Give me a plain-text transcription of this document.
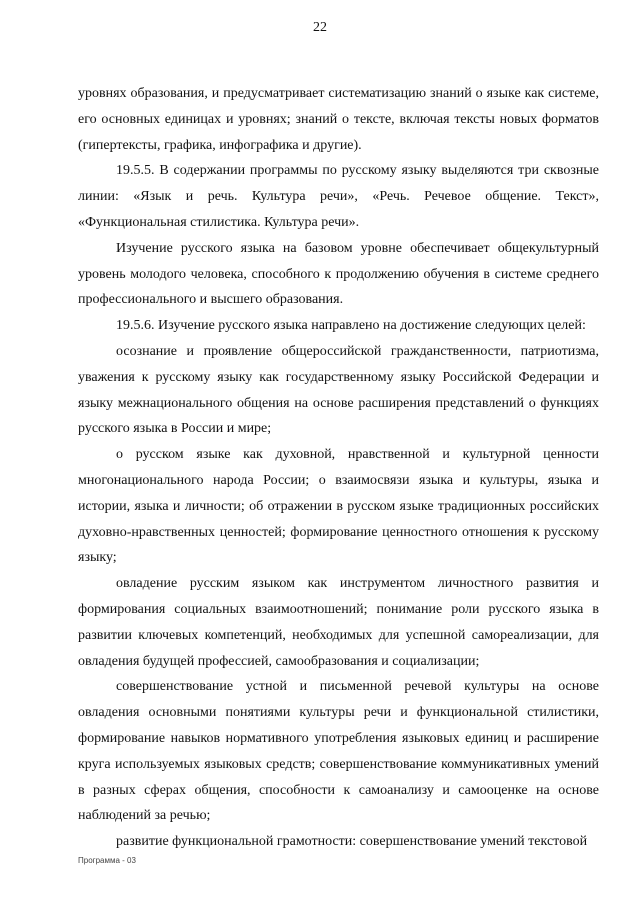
22

уровнях образования, и предусматривает систематизацию знаний о языке как системе, его основных единицах и уровнях; знаний о тексте, включая тексты новых форматов (гипертексты, графика, инфографика и другие).

19.5.5. В содержании программы по русскому языку выделяются три сквозные линии: «Язык и речь. Культура речи», «Речь. Речевое общение. Текст», «Функциональная стилистика. Культура речи».

Изучение русского языка на базовом уровне обеспечивает общекультурный уровень молодого человека, способного к продолжению обучения в системе среднего профессионального и высшего образования.

19.5.6. Изучение русского языка направлено на достижение следующих целей:

осознание и проявление общероссийской гражданственности, патриотизма, уважения к русскому языку как государственному языку Российской Федерации и языку межнационального общения на основе расширения представлений о функциях русского языка в России и мире;

о русском языке как духовной, нравственной и культурной ценности многонационального народа России; о взаимосвязи языка и культуры, языка и истории, языка и личности; об отражении в русском языке традиционных российских духовно-нравственных ценностей; формирование ценностного отношения к русскому языку;

овладение русским языком как инструментом личностного развития и формирования социальных взаимоотношений; понимание роли русского языка в развитии ключевых компетенций, необходимых для успешной самореализации, для овладения будущей профессией, самообразования и социализации;

совершенствование устной и письменной речевой культуры на основе овладения основными понятиями культуры речи и функциональной стилистики, формирование навыков нормативного употребления языковых единиц и расширение круга используемых языковых средств; совершенствование коммуникативных умений в разных сферах общения, способности к самоанализу и самооценке на основе наблюдений за речью;

развитие функциональной грамотности: совершенствование умений текстовой

Программа - 03
